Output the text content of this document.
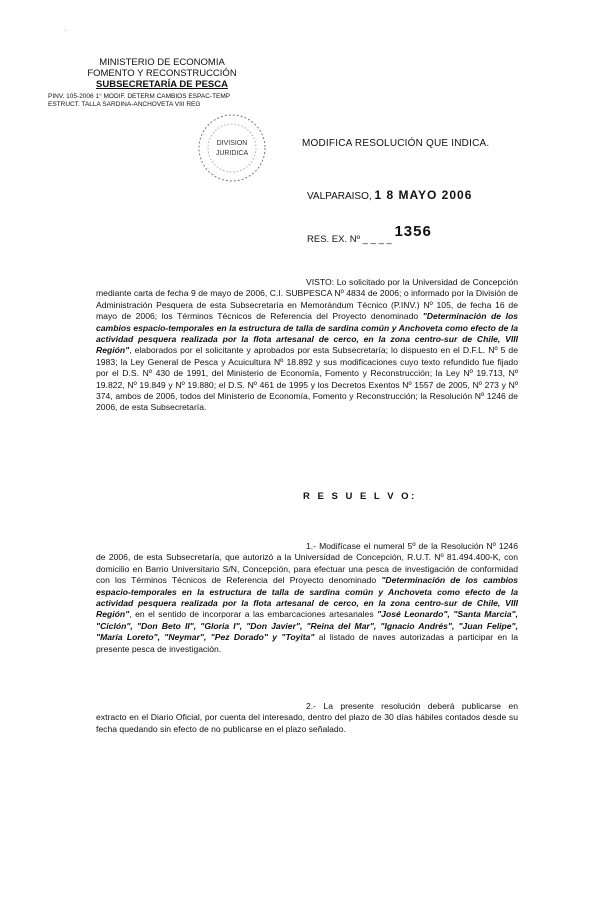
ˈ
MINISTERIO DE ECONOMIA
FOMENTO Y RECONSTRUCCIÓN
SUBSECRETARÍA DE PESCA
PINV. 105-2006 1° MODIF. DETERM CAMBIOS ESPAC-TEMP
ESTRUCT. TALLA SARDINA-ANCHOVETA VIII REG
DIVISION
JURIDICA
MODIFICA RESOLUCIÓN QUE INDICA.
VALPARAISO, 1 8 MAYO 2006
RES. EX. Nº _ _ _ _ 1356
VISTO: Lo solicitado por la Universidad de Concepción mediante carta de fecha 9 de mayo de 2006, C.I. SUBPESCA Nº 4834 de 2006; o informado por la División de Administración Pesquera de esta Subsecretaría en Memorándum Técnico (P.INV.) Nº 105, de fecha 16 de mayo de 2006; los Términos Técnicos de Referencia del Proyecto denominado "Determinación de los cambios espacio-temporales en la estructura de talla de sardina común y Anchoveta como efecto de la actividad pesquera realizada por la flota artesanal de cerco, en la zona centro-sur de Chile, VIII Región", elaborados por el solicitante y aprobados por esta Subsecretaría; lo dispuesto en el D.F.L. Nº 5 de 1983; la Ley General de Pesca y Acuicultura Nº 18.892 y sus modificaciones cuyo texto refundido fue fijado por el D.S. Nº 430 de 1991, del Ministerio de Economía, Fomento y Reconstrucción; la Ley Nº 19.713, Nº 19.822, Nº 19.849 y Nº 19.880; el D.S. Nº 461 de 1995 y los Decretos Exentos Nº 1557 de 2005, Nº 273 y Nº 374, ambos de 2006, todos del Ministerio de Economía, Fomento y Reconstrucción; la Resolución Nº 1246 de 2006, de esta Subsecretaría.
R E S U E L V O:
1.- Modifícase el numeral 5º de la Resolución Nº 1246 de 2006, de esta Subsecretaría, que autorizó a la Universidad de Concepción, R.U.T. Nº 81.494.400-K, con domicilio en Barrio Universitario S/N, Concepción, para efectuar una pesca de investigación de conformidad con los Términos Técnicos de Referencia del Proyecto denominado "Determinación de los cambios espacio-temporales en la estructura de talla de sardina común y Anchoveta como efecto de la actividad pesquera realizada por la flota artesanal de cerco, en la zona centro-sur de Chile, VIII Región", en el sentido de incorporar a las embarcaciones artesanales "José Leonardo", "Santa Marcia", "Ciclón", "Don Beto II", "Gloria I", "Don Javier", "Reina del Mar", "Ignacio Andrés", "Juan Felipe", "María Loreto", "Neymar", "Pez Dorado" y "Toyita" al listado de naves autorizadas a participar en la presente pesca de investigación.
2.- La presente resolución deberá publicarse en extracto en el Diario Oficial, por cuenta del interesado, dentro del plazo de 30 días hábiles contados desde su fecha quedando sin efecto de no publicarse en el plazo señalado.
